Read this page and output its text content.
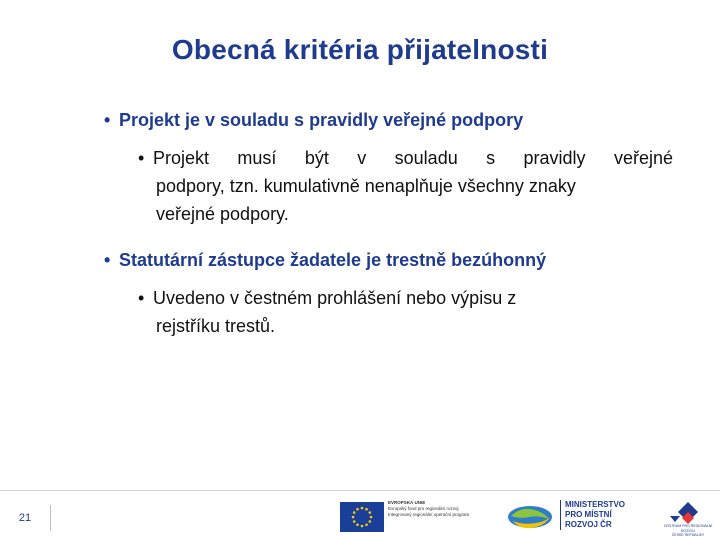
Obecná kritéria přijatelnosti
• Projekt je v souladu s pravidly veřejné podpory
• Projekt musí být v souladu s pravidly veřejné
podpory, tzn. kumulativně nenaplňuje všechny znaky
veřejné podpory.
• Statutární zástupce žadatele je trestně bezúhonný
• Uvedeno v čestném prohlášení nebo výpisu z
rejstříku trestů.
21
EVROPSKÁ UNIE
Evropský fond pro regionální rozvoj
Integrovaný regionální operační program
MINISTERSTVO
PRO MÍSTNÍ
ROZVOJ ČR	CENTRUM PRO REGIONÁLNÍ ROZVOJ
ČESKÉ REPUBLIKY
